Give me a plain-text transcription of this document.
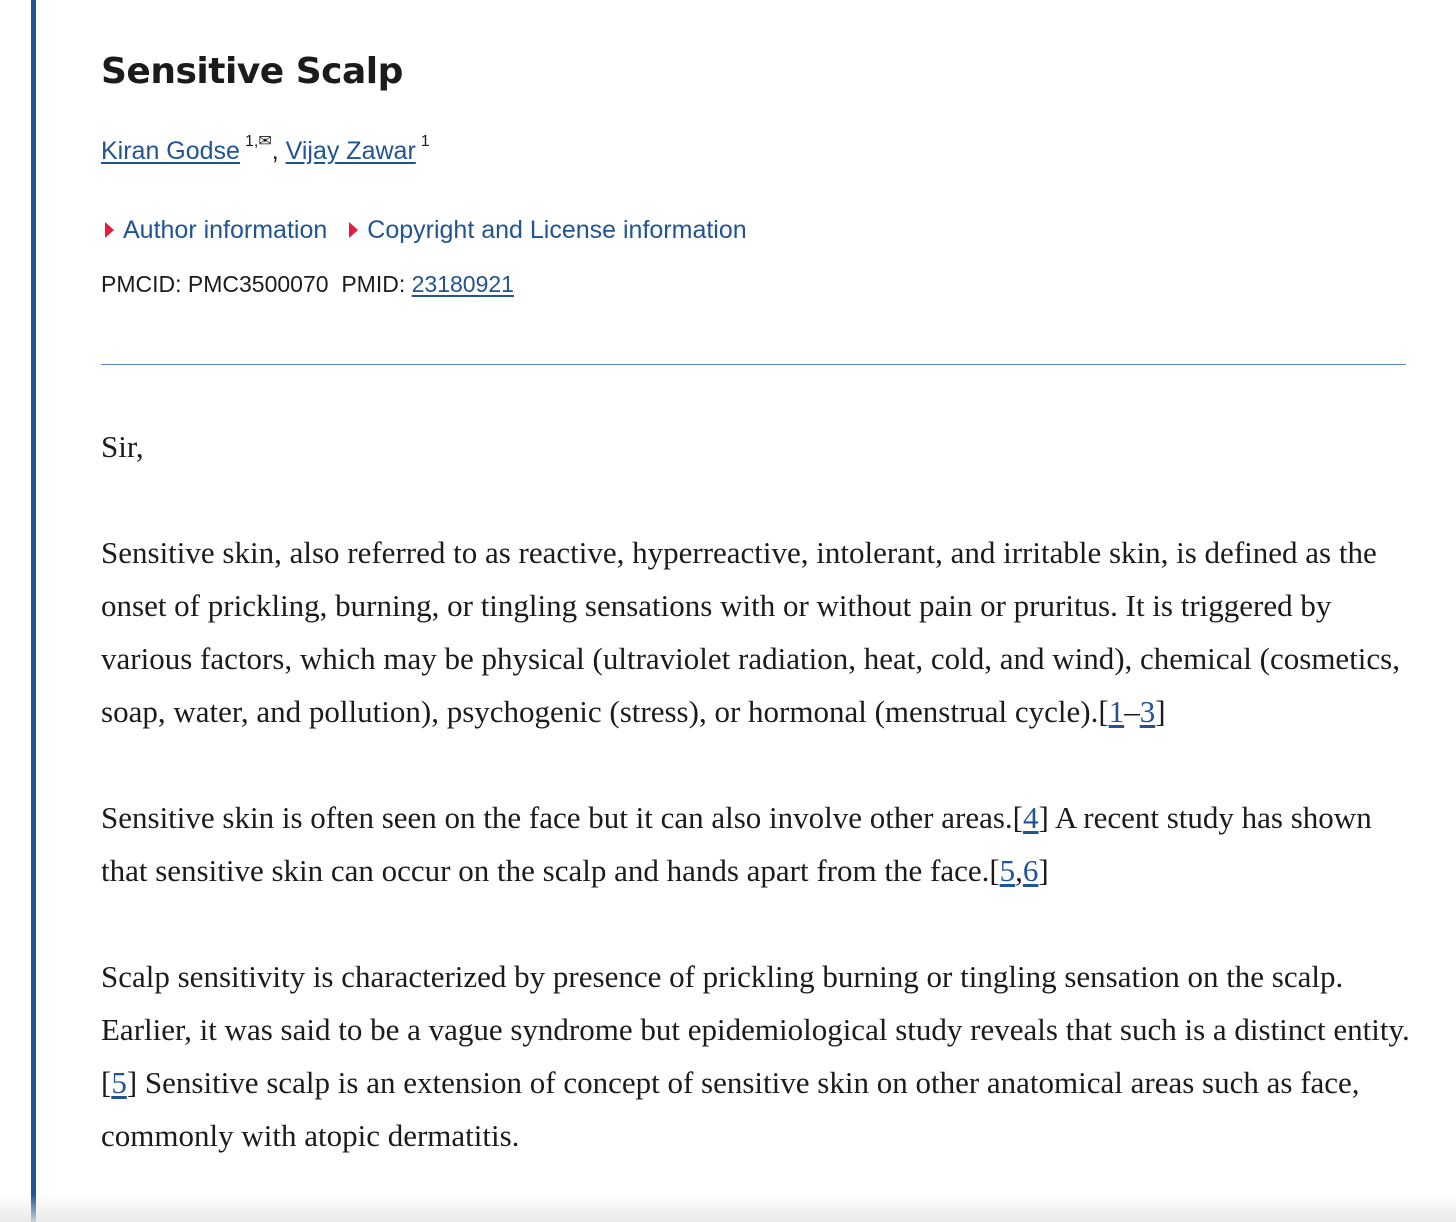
Sensitive Scalp
Kiran Godse $^{1,✉}$, Vijay Zawar $^1$
Author information Copyright and License information
PMCID: PMC3500070 PMID: 23180921

Sir,

Sensitive skin, also referred to as reactive, hyperreactive, intolerant, and irritable skin, is defined as the onset of prickling, burning, or tingling sensations with or without pain or pruritus. It is triggered by various factors, which may be physical (ultraviolet radiation, heat, cold, and wind), chemical (cosmetics, soap, water, and pollution), psychogenic (stress), or hormonal (menstrual cycle).[1–3]

Sensitive skin is often seen on the face but it can also involve other areas.[4] A recent study has shown that sensitive skin can occur on the scalp and hands apart from the face.[5,6]

Scalp sensitivity is characterized by presence of prickling burning or tingling sensation on the scalp. Earlier, it was said to be a vague syndrome but epidemiological study reveals that such is a distinct entity.[5] Sensitive scalp is an extension of concept of sensitive skin on other anatomical areas such as face, commonly with atopic dermatitis.
